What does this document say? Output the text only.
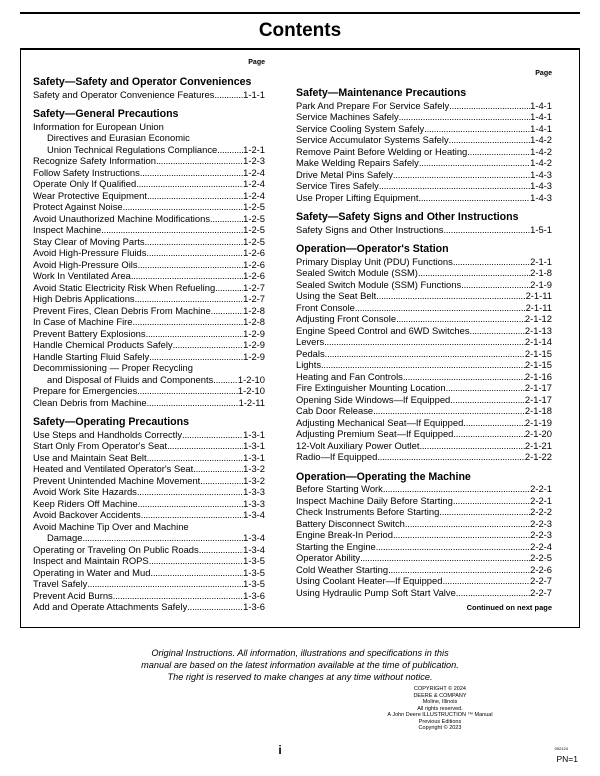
Contents
Page
Safety—Safety and Operator Conveniences
Safety and Operator Convenience Features .....	1-1-1
Safety—General Precautions
Information for European Union
Directives and Eurasian Economic
Union Technical Regulations Compliance .....	1-2-1
Recognize Safety Information .....	1-2-3
Follow Safety Instructions .....	1-2-4
Operate Only If Qualified .....	1-2-4
Wear Protective Equipment .....	1-2-4
Protect Against Noise .....	1-2-5
Avoid Unauthorized Machine Modifications .....	1-2-5
Inspect Machine .....	1-2-5
Stay Clear of Moving Parts .....	1-2-5
Avoid High-Pressure Fluids .....	1-2-6
Avoid High-Pressure Oils .....	1-2-6
Work In Ventilated Area .....	1-2-6
Avoid Static Electricity Risk When Refueling .....	1-2-7
High Debris Applications .....	1-2-7
Prevent Fires, Clean Debris From Machine .....	1-2-8
In Case of Machine Fire .....	1-2-8
Prevent Battery Explosions .....	1-2-9
Handle Chemical Products Safely .....	1-2-9
Handle Starting Fluid Safely .....	1-2-9
Decommissioning — Proper Recycling
and Disposal of Fluids and Components .....	1-2-10
Prepare for Emergencies .....	1-2-10
Clean Debris from Machine .....	1-2-11
Safety—Operating Precautions
Use Steps and Handholds Correctly .....	1-3-1
Start Only From Operator's Seat .....	1-3-1
Use and Maintain Seat Belt .....	1-3-1
Heated and Ventilated Operator's Seat .....	1-3-2
Prevent Unintended Machine Movement .....	1-3-2
Avoid Work Site Hazards .....	1-3-3
Keep Riders Off Machine .....	1-3-3
Avoid Backover Accidents .....	1-3-4
Avoid Machine Tip Over and Machine
Damage .....	1-3-4
Operating or Traveling On Public Roads .....	1-3-4
Inspect and Maintain ROPS .....	1-3-5
Operating in Water and Mud .....	1-3-5
Travel Safely .....	1-3-5
Prevent Acid Burns .....	1-3-6
Add and Operate Attachments Safely .....	1-3-6
Page
Safety—Maintenance Precautions
Park And Prepare For Service Safely .....	1-4-1
Service Machines Safely .....	1-4-1
Service Cooling System Safely .....	1-4-1
Service Accumulator Systems Safely .....	1-4-2
Remove Paint Before Welding or Heating .....	1-4-2
Make Welding Repairs Safely .....	1-4-2
Drive Metal Pins Safely .....	1-4-3
Service Tires Safely .....	1-4-3
Use Proper Lifting Equipment .....	1-4-3
Safety—Safety Signs and Other Instructions
Safety Signs and Other Instructions .....	1-5-1
Operation—Operator's Station
Primary Display Unit (PDU) Functions .....	2-1-1
Sealed Switch Module (SSM) .....	2-1-8
Sealed Switch Module (SSM) Functions .....	2-1-9
Using the Seat Belt .....	2-1-11
Front Console .....	2-1-11
Adjusting Front Console .....	2-1-12
Engine Speed Control and 6WD Switches .....	2-1-13
Levers .....	2-1-14
Pedals .....	2-1-15
Lights .....	2-1-15
Heating and Fan Controls .....	2-1-16
Fire Extinguisher Mounting Location .....	2-1-17
Opening Side Windows—If Equipped .....	2-1-17
Cab Door Release .....	2-1-18
Adjusting Mechanical Seat—If Equipped .....	2-1-19
Adjusting Premium Seat—If Equipped .....	2-1-20
12-Volt Auxiliary Power Outlet .....	2-1-21
Radio—If Equipped .....	2-1-22
Operation—Operating the Machine
Before Starting Work .....	2-2-1
Inspect Machine Daily Before Starting .....	2-2-1
Check Instruments Before Starting .....	2-2-2
Battery Disconnect Switch .....	2-2-3
Engine Break-In Period .....	2-2-3
Starting the Engine .....	2-2-4
Operator Ability .....	2-2-5
Cold Weather Starting .....	2-2-6
Using Coolant Heater—If Equipped .....	2-2-7
Using Hydraulic Pump Soft Start Valve .....	2-2-7
Continued on next page
Original Instructions. All information, illustrations and specifications in this
manual are based on the latest information available at the time of publication.
The right is reserved to make changes at any time without notice.
COPYRIGHT © 2024
DEERE & COMPANY
Moline, Illinois
All rights reserved.
A John Deere ILLUSTRUCTION ™ Manual
Previous Editions
Copyright © 2023
i	092124
PN=1
